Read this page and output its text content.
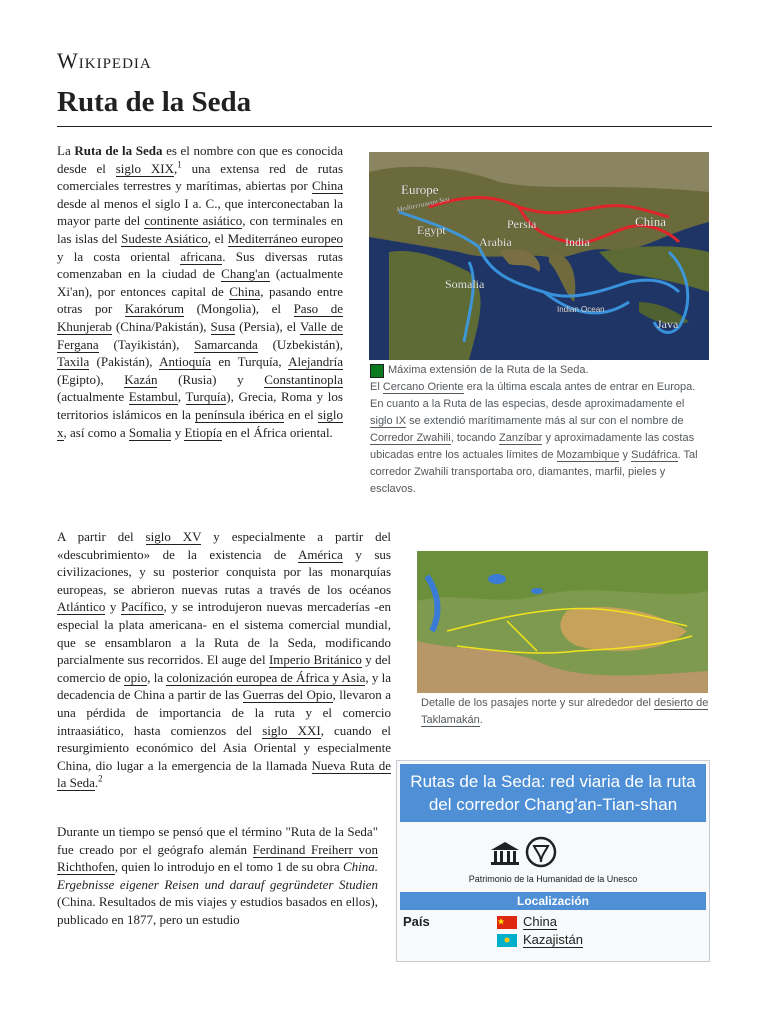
Wikipedia
Ruta de la Seda
La Ruta de la Seda es el nombre con que es conocida desde el siglo XIX,$^1$ una extensa red de rutas comerciales terrestres y marítimas, abiertas por China desde al menos el siglo I a. C., que interconectaban la mayor parte del continente asiático, con terminales en las islas del Sudeste Asiático, el Mediterráneo europeo y la costa oriental africana. Sus diversas rutas comenzaban en la ciudad de Chang'an (actualmente Xi'an), por entonces capital de China, pasando entre otras por Karakórum (Mongolia), el Paso de Khunjerab (China/Pakistán), Susa (Persia), el Valle de Fergana (Tayikistán), Samarcanda (Uzbekistán), Taxila (Pakistán), Antioquía en Turquía, Alejandría (Egipto), Kazán (Rusia) y Constantinopla (actualmente Estambul, Turquía), Grecia, Roma y los territorios islámicos en la península ibérica en el siglo x, así como a Somalia y Etiopía en el África oriental.
A partir del siglo XV y especialmente a partir del «descubrimiento» de la existencia de América y sus civilizaciones, y su posterior conquista por las monarquías europeas, se abrieron nuevas rutas a través de los océanos Atlántico y Pacífico, y se introdujeron nuevas mercaderías -en especial la plata americana- en el sistema comercial mundial, que se ensamblaron a la Ruta de la Seda, modificando parcialmente sus recorridos. El auge del Imperio Británico y del comercio de opio, la colonización europea de África y Asia, y la decadencia de China a partir de las Guerras del Opio, llevaron a una pérdida de importancia de la ruta y el comercio intraasiático, hasta comienzos del siglo XXI, cuando el resurgimiento económico del Asia Oriental y especialmente China, dio lugar a la emergencia de la llamada Nueva Ruta de la Seda.$^2$
Durante un tiempo se pensó que el término "Ruta de la Seda" fue creado por el geógrafo alemán Ferdinand Freiherr von Richthofen, quien lo introdujo en el tomo 1 de su obra China. Ergebnisse eigener Reisen und darauf gegründeter Studien (China. Resultados de mis viajes y estudios basados en ellos), publicado en 1877, pero un estudio
Europe
Mediterranean Sea
Egypt	Persia
Arabia	India
China
Somalia
Indian Ocean
Java
Máxima extensión de la Ruta de la Seda.
El Cercano Oriente era la última escala antes de entrar en Europa. En cuanto a la Ruta de las especias, desde aproximadamente el siglo IX se extendió marítimamente más al sur con el nombre de Corredor Zwahili, tocando Zanzíbar y aproximadamente las costas ubicadas entre los actuales límites de Mozambique y Sudáfrica. Tal corredor Zwahili transportaba oro, diamantes, marfil, pieles y esclavos.
Detalle de los pasajes norte y sur alrededor del desierto de Taklamakán.
Rutas de la Seda: red viaria de la ruta del corredor Chang'an-Tian-shan
Patrimonio de la Humanidad de la Unesco
Localización
País	China
Kazajistán
